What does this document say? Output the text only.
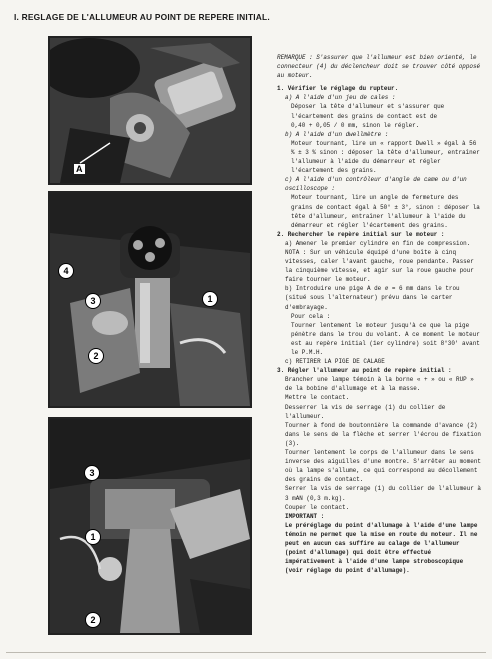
I. REGLAGE DE L'ALLUMEUR AU POINT DE REPERE INITIAL.
A
4
3	1
2
3
1
2

REMARQUE : S'assurer que l'allumeur est bien orienté, le connecteur (4) du déclencheur doit se trouver côté opposé au moteur.

1. Vérifier le réglage du rupteur.

a) A l'aide d'un jeu de cales :

Déposer la tête d'allumeur et s'assurer que l'écartement des grains de contact est de

0,40 + 0,05 / 0 mm, sinon le régler.

b) A l'aide d'un dwellmètre :

Moteur tournant, lire un « rapport Dwell » égal à 56 % ± 3 % sinon : déposer la tête d'allumeur, entraîner l'allumeur à l'aide du démarreur et régler l'écartement des grains.

c) A l'aide d'un contrôleur d'angle de came ou d'un oscilloscope :

Moteur tournant, lire un angle de fermeture des grains de contact égal à 50° ± 3°, sinon : déposer la tête d'allumeur, entraîner l'allumeur à l'aide du démarreur et régler l'écartement des grains.

2. Rechercher le repère initial sur le moteur :

a) Amener le premier cylindre en fin de compression. NOTA : Sur un véhicule équipé d'une boîte à cinq vitesses, caler l'avant gauche, roue pendante. Passer la cinquième vitesse, et agir sur la roue gauche pour faire tourner le moteur.

b) Introduire une pige A de ⌀ = 6 mm dans le trou (situé sous l'alternateur) prévu dans le carter d'embrayage.

Pour cela :

Tourner lentement le moteur jusqu'à ce que la pige pénètre dans le trou du volant. A ce moment le moteur est au repère initial (1er cylindre) soit 8°30' avant le P.M.H.

c) RETIRER LA PIGE DE CALAGE

3. Régler l'allumeur au point de repère initial :

Brancher une lampe témoin à la borne « + » ou « RUP » de la bobine d'allumage et à la masse.

Mettre le contact.

Desserrer la vis de serrage (1) du collier de l'allumeur.

Tourner à fond de boutonnière la commande d'avance (2) dans le sens de la flèche et serrer l'écrou de fixation (3).

Tourner lentement le corps de l'allumeur dans le sens inverse des aiguilles d'une montre. S'arrêter au moment où la lampe s'allume, ce qui correspond au décollement des grains de contact.

Serrer la vis de serrage (1) du collier de l'allumeur à 3 mAN (0,3 m.kg).

Couper le contact.

IMPORTANT :

Le préréglage du point d'allumage à l'aide d'une lampe témoin ne permet que la mise en route du moteur. Il ne peut en aucun cas suffire au calage de l'allumeur (point d'allumage) qui doit être effectué impérativement à l'aide d'une lampe stroboscopique (voir réglage du point d'allumage).
